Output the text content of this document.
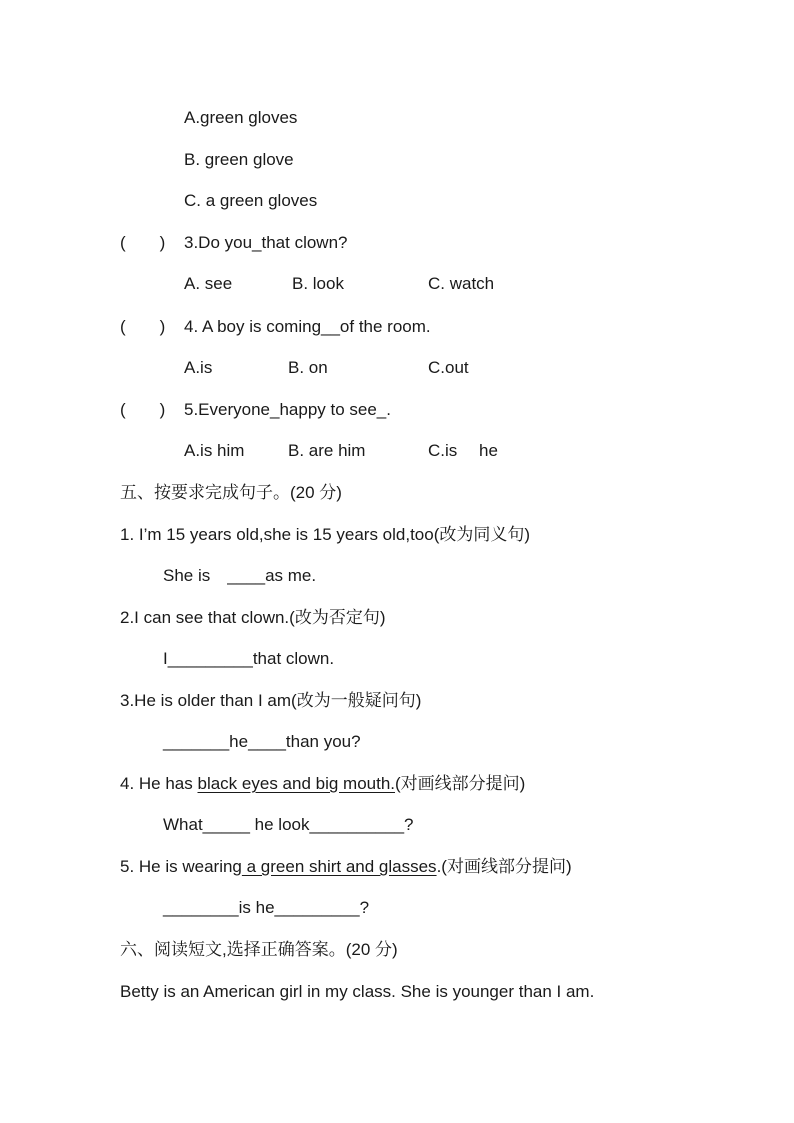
A.green gloves
B. green glove
C. a green gloves
(　　) 3.Do you_that clown?
A. see	B. look	C. watch
(　　) 4. A boy is coming__of the room.
A.is	B. on	C.out
(　　) 5.Everyone_happy to see_.
A.is him	B. are him	C.is　 he
五、按要求完成句子。(20 分)
1. I’m 15 years old,she is 15 years old,too(改为同义句)
She is　____as me.
2.I can see that clown.(改为否定句)
I_________that clown.
3.He is older than I am(改为一般疑问句)
_______he____than you?
4. He has black eyes and big mouth.(对画线部分提问)
What_____ he look__________?
5. He is wearing a green shirt and glasses.(对画线部分提问)
________is he_________?
六、阅读短文,选择正确答案。(20 分)
Betty is an American girl in my class. She is younger than I am.
